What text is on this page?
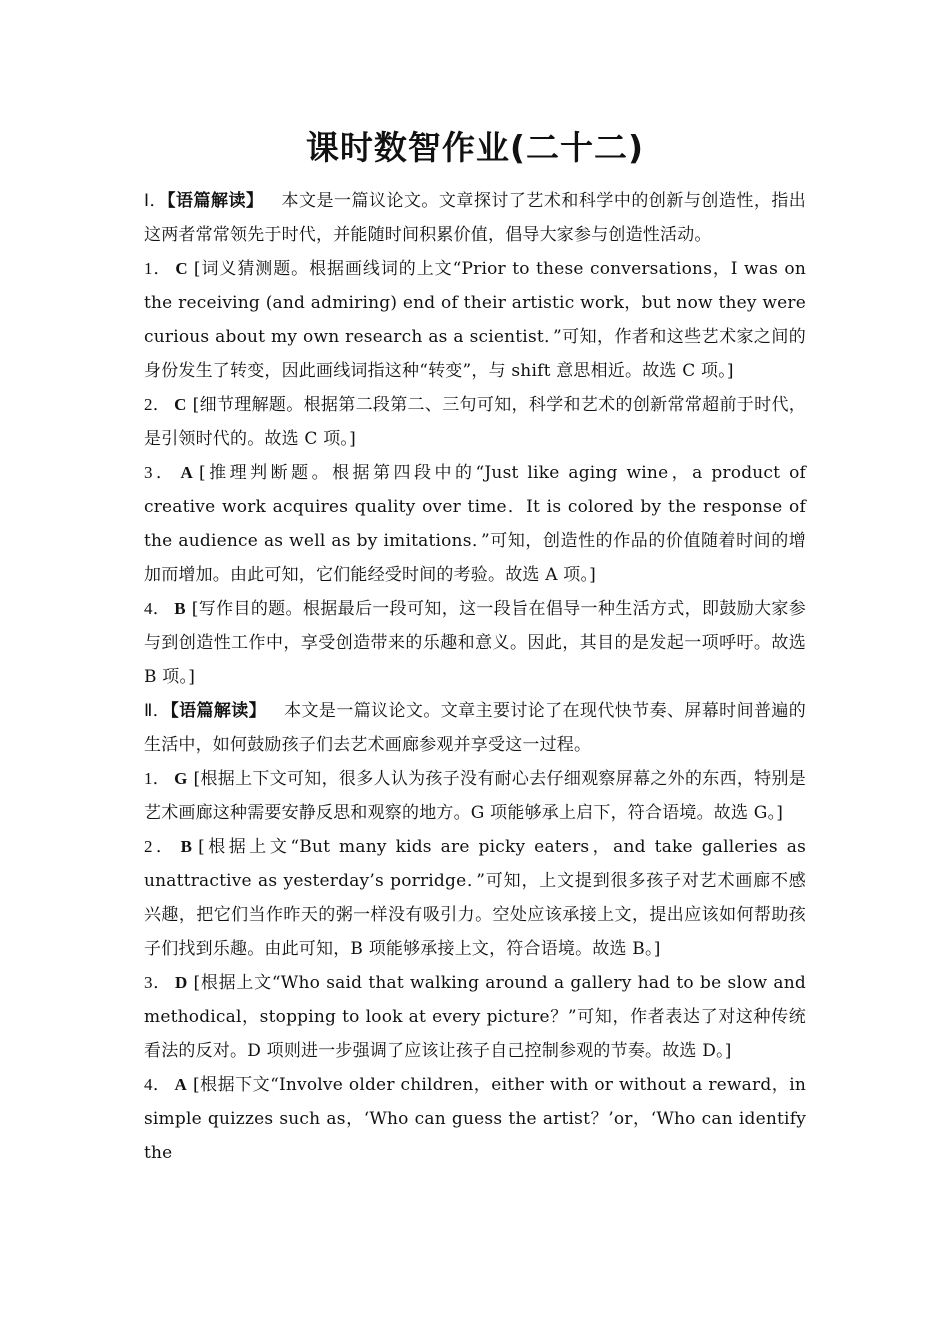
课时数智作业(二十二)

Ⅰ．【语篇解读】 本文是一篇议论文。文章探讨了艺术和科学中的创新与创造性，指出这两者常常领先于时代，并能随时间积累价值，倡导大家参与创造性活动。

1． C [词义猜测题。根据画线词的上文“Prior to these conversations，I was on the receiving (and admiring) end of their artistic work，but now they were curious about my own research as a scientist．”可知，作者和这些艺术家之间的身份发生了转变，因此画线词指这种“转变”，与 shift 意思相近。故选 C 项。]

2． C [细节理解题。根据第二段第二、三句可知，科学和艺术的创新常常超前于时代，是引领时代的。故选 C 项。]

3． A [推理判断题。根据第四段中的“Just like aging wine，a product of creative work acquires quality over time．It is colored by the response of the audience as well as by imitations．”可知，创造性的作品的价值随着时间的增加而增加。由此可知，它们能经受时间的考验。故选 A 项。]

4． B [写作目的题。根据最后一段可知，这一段旨在倡导一种生活方式，即鼓励大家参与到创造性工作中，享受创造带来的乐趣和意义。因此，其目的是发起一项呼吁。故选 B 项。]

Ⅱ．【语篇解读】 本文是一篇议论文。文章主要讨论了在现代快节奏、屏幕时间普遍的生活中，如何鼓励孩子们去艺术画廊参观并享受这一过程。

1． G [根据上下文可知，很多人认为孩子没有耐心去仔细观察屏幕之外的东西，特别是艺术画廊这种需要安静反思和观察的地方。G 项能够承上启下，符合语境。故选 G。]

2． B [根据上文“But many kids are picky eaters，and take galleries as unattractive as yesterday’s porridge．”可知，上文提到很多孩子对艺术画廊不感兴趣，把它们当作昨天的粥一样没有吸引力。空处应该承接上文，提出应该如何帮助孩子们找到乐趣。由此可知，B 项能够承接上文，符合语境。故选 B。]

3． D [根据上文“Who said that walking around a gallery had to be slow and methodical，stopping to look at every picture？”可知，作者表达了对这种传统看法的反对。D 项则进一步强调了应该让孩子自己控制参观的节奏。故选 D。]

4． A [根据下文“Involve older children，either with or without a reward，in simple quizzes such as，‘Who can guess the artist？’or，‘Who can identify the
